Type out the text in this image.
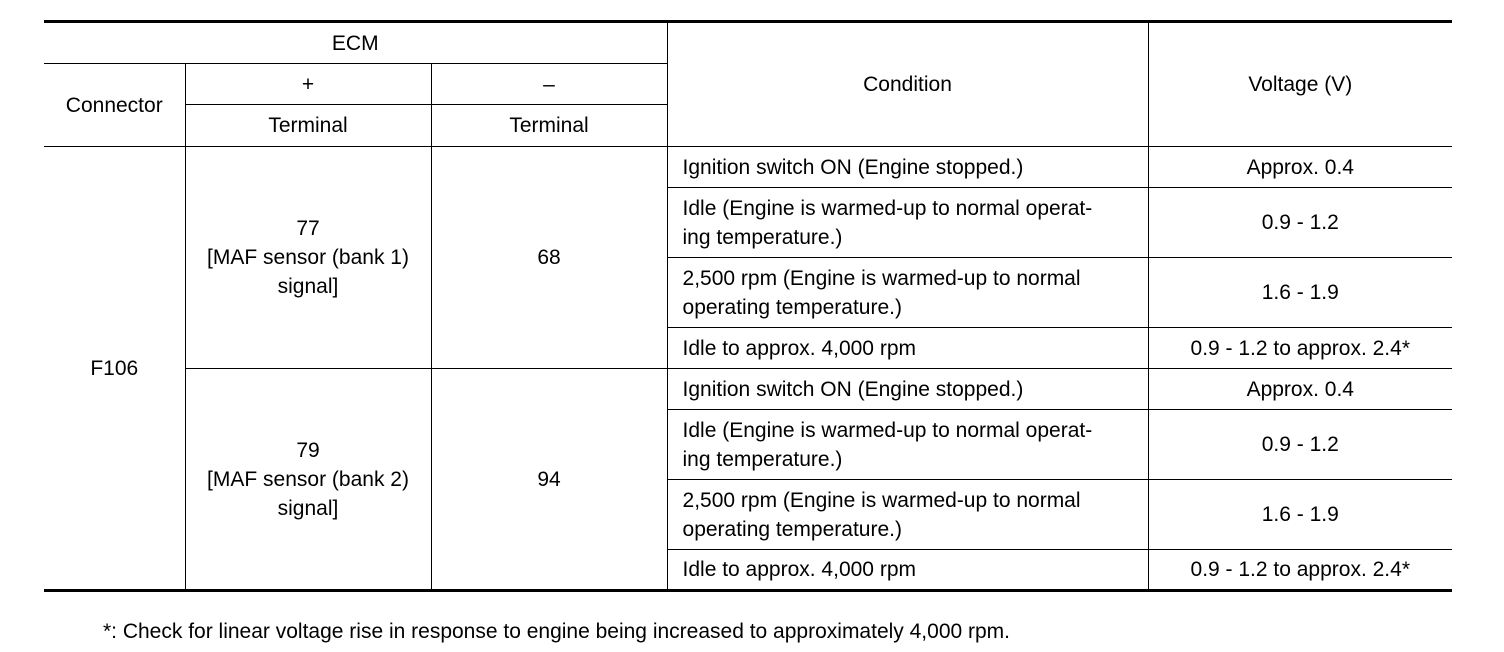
ECM			Condition	Voltage (V)
Connector	+	–		
	Terminal	Terminal		
F106	77
[MAF sensor (bank 1)
signal]	68	Ignition switch ON (Engine stopped.)	Approx. 0.4

			Idle (Engine is warmed-up to normal operat-
ing temperature.)	0.9 - 1.2

			2,500 rpm (Engine is warmed-up to normal
operating temperature.)	1.6 - 1.9
			Idle to approx. 4,000 rpm	0.9 - 1.2 to approx. 2.4*

	79
[MAF sensor (bank 2)
signal]	94	Ignition switch ON (Engine stopped.)	Approx. 0.4

			Idle (Engine is warmed-up to normal operat-
ing temperature.)	0.9 - 1.2

			2,500 rpm (Engine is warmed-up to normal
operating temperature.)	1.6 - 1.9
			Idle to approx. 4,000 rpm	0.9 - 1.2 to approx. 2.4*
*: Check for linear voltage rise in response to engine being increased to approximately 4,000 rpm.
